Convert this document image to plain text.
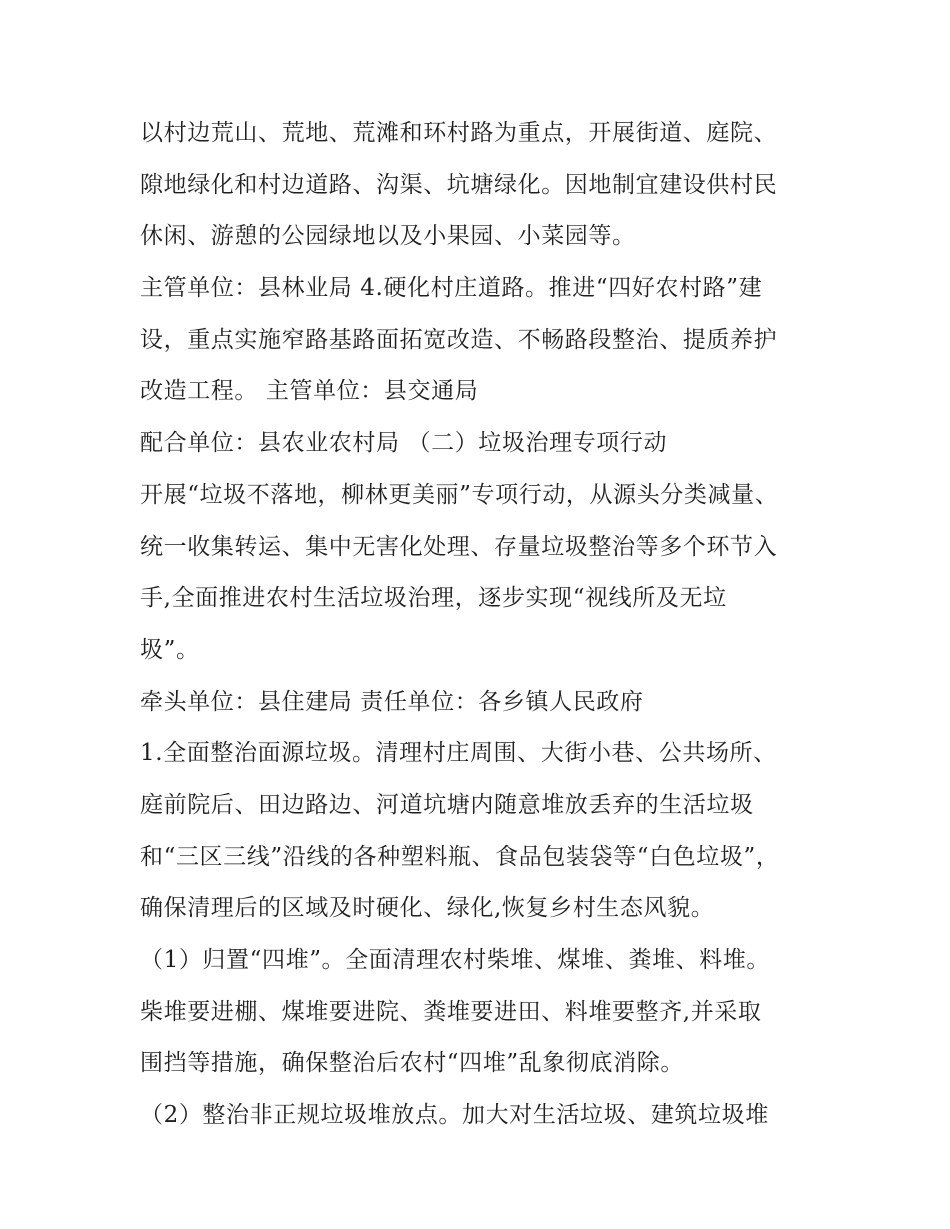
以村边荒山、荒地、荒滩和环村路为重点，开展街道、庭院、
隙地绿化和村边道路、沟渠、坑塘绿化。因地制宜建设供村民
休闲、游憩的公园绿地以及小果园、小菜园等。
主管单位：县林业局 4.硬化村庄道路。推进“四好农村路”建
设，重点实施窄路基路面拓宽改造、不畅路段整治、提质养护
改造工程。 主管单位：县交通局
配合单位：县农业农村局 （二）垃圾治理专项行动
开展“垃圾不落地，柳林更美丽”专项行动，从源头分类减量、
统一收集转运、集中无害化处理、存量垃圾整治等多个环节入
手,全面推进农村生活垃圾治理，逐步实现“视线所及无垃
圾”。
牵头单位：县住建局 责任单位：各乡镇人民政府
1.全面整治面源垃圾。清理村庄周围、大街小巷、公共场所、
庭前院后、田边路边、河道坑塘内随意堆放丢弃的生活垃圾
和“三区三线”沿线的各种塑料瓶、食品包装袋等“白色垃圾”，
确保清理后的区域及时硬化、绿化,恢复乡村生态风貌。
（1）归置“四堆”。全面清理农村柴堆、煤堆、粪堆、料堆。
柴堆要进棚、煤堆要进院、粪堆要进田、料堆要整齐,并采取
围挡等措施，确保整治后农村“四堆”乱象彻底消除。
（2）整治非正规垃圾堆放点。加大对生活垃圾、建筑垃圾堆
